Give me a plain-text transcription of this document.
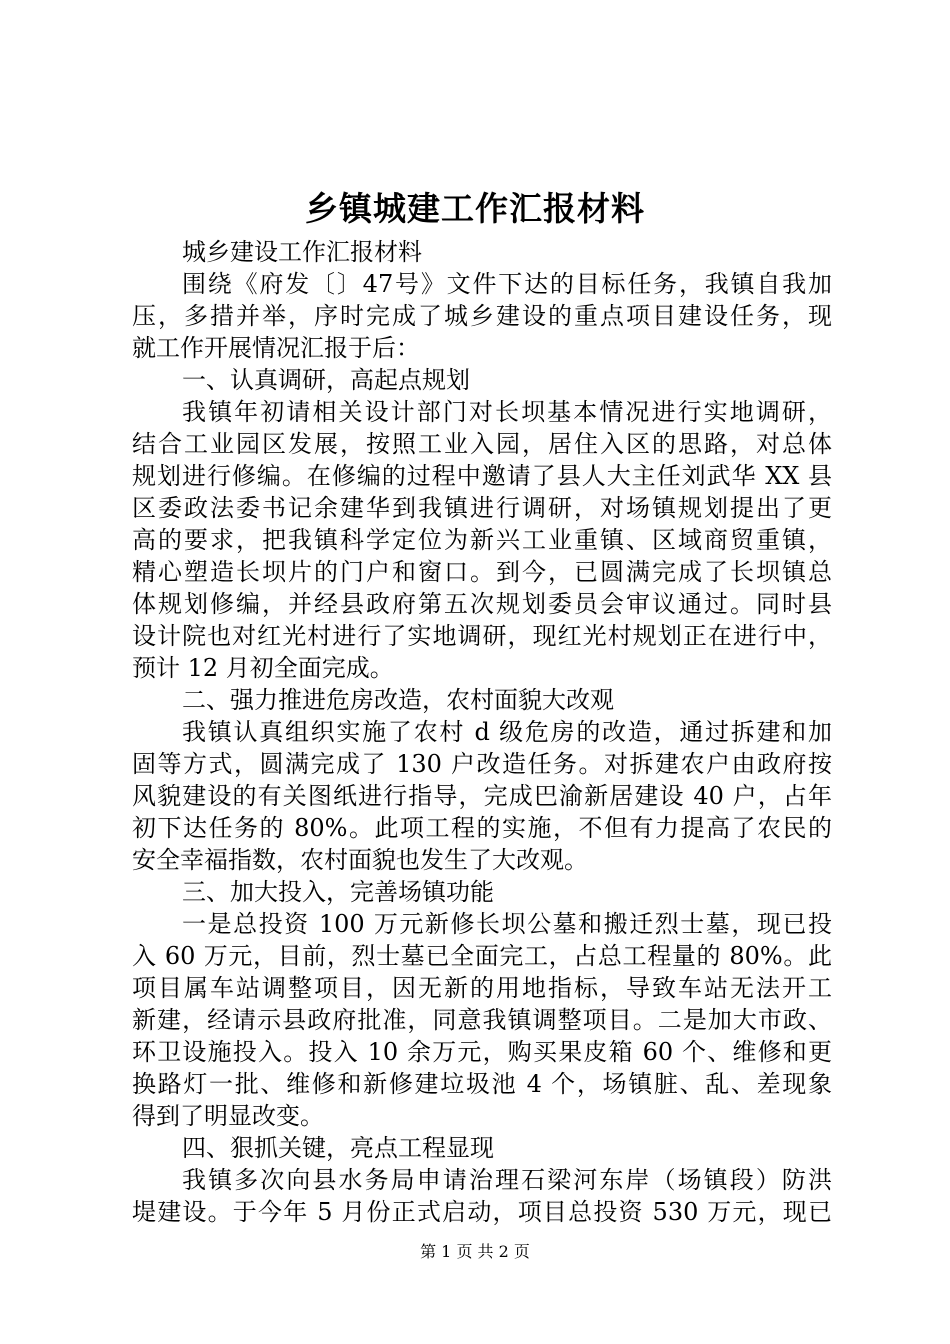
乡镇城建工作汇报材料
城乡建设工作汇报材料
围绕《府发〔〕47号》文件下达的目标任务，我镇自我加
压，多措并举，序时完成了城乡建设的重点项目建设任务，现
就工作开展情况汇报于后：
一、认真调研，高起点规划
我镇年初请相关设计部门对长坝基本情况进行实地调研，
结合工业园区发展，按照工业入园，居住入区的思路，对总体
规划进行修编。在修编的过程中邀请了县人大主任刘武华 XX 县
区委政法委书记余建华到我镇进行调研，对场镇规划提出了更
高的要求，把我镇科学定位为新兴工业重镇、区域商贸重镇，
精心塑造长坝片的门户和窗口。到今，已圆满完成了长坝镇总
体规划修编，并经县政府第五次规划委员会审议通过。同时县
设计院也对红光村进行了实地调研，现红光村规划正在进行中，
预计 12 月初全面完成。
二、强力推进危房改造，农村面貌大改观
我镇认真组织实施了农村 d 级危房的改造，通过拆建和加
固等方式，圆满完成了 130 户改造任务。对拆建农户由政府按
风貌建设的有关图纸进行指导，完成巴渝新居建设 40 户，占年
初下达任务的 80%。此项工程的实施，不但有力提高了农民的
安全幸福指数，农村面貌也发生了大改观。
三、加大投入，完善场镇功能
一是总投资 100 万元新修长坝公墓和搬迁烈士墓，现已投
入 60 万元，目前，烈士墓已全面完工，占总工程量的 80%。此
项目属车站调整项目，因无新的用地指标，导致车站无法开工
新建，经请示县政府批准，同意我镇调整项目。二是加大市政、
环卫设施投入。投入 10 余万元，购买果皮箱 60 个、维修和更
换路灯一批、维修和新修建垃圾池 4 个，场镇脏、乱、差现象
得到了明显改变。
四、狠抓关键，亮点工程显现
我镇多次向县水务局申请治理石梁河东岸（场镇段）防洪
堤建设。于今年 5 月份正式启动，项目总投资 530 万元，现已
第 1 页 共 2 页
